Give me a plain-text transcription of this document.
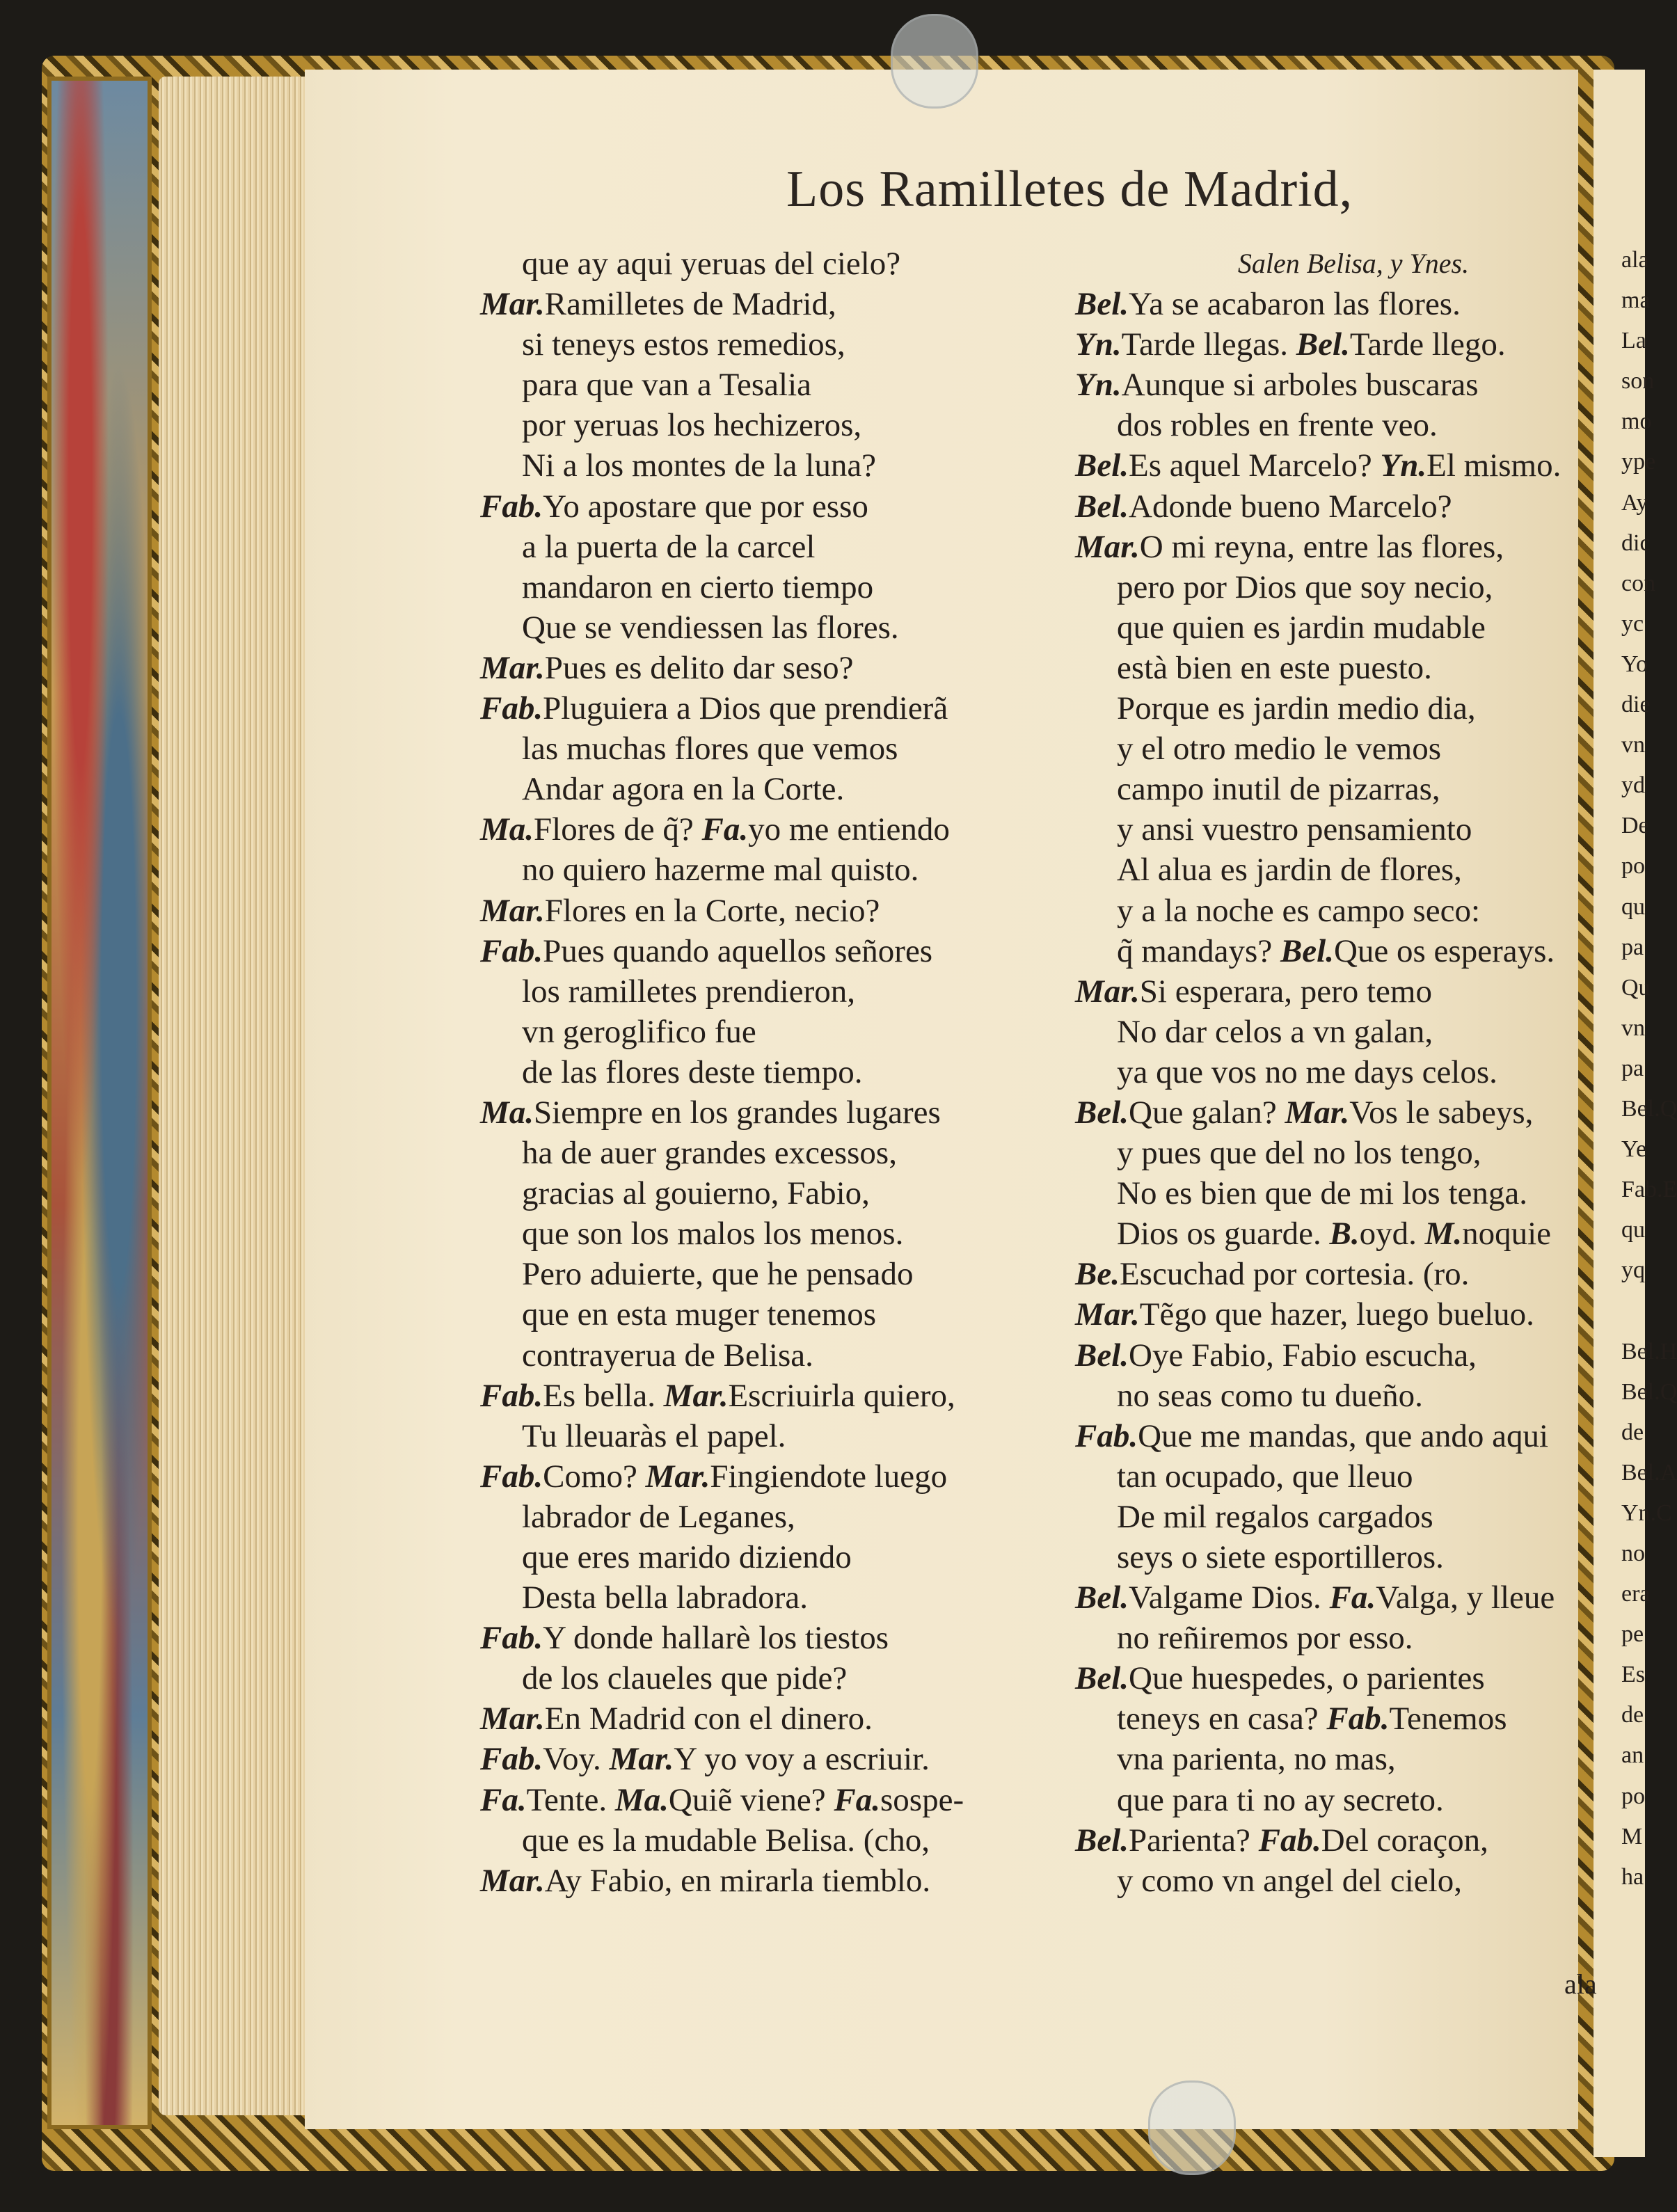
Los Ramilletes de Madrid,
que ay aqui yeruas del cielo?
Mar.Ramilletes de Madrid,
si teneys estos remedios,
para que van a Tesalia
por yeruas los hechizeros,
Ni a los montes de la luna?
Fab.Yo apostare que por esso
a la puerta de la carcel
mandaron en cierto tiempo
Que se vendiessen las flores.
Mar.Pues es delito dar seso?
Fab.Pluguiera a Dios que prendierã
las muchas flores que vemos
Andar agora en la Corte.
Ma.Flores de q̃? Fa.yo me entiendo
no quiero hazerme mal quisto.
Mar.Flores en la Corte, necio?
Fab.Pues quando aquellos señores
los ramilletes prendieron,
vn geroglifico fue
de las flores deste tiempo.
Ma.Siempre en los grandes lugares
ha de auer grandes excessos,
gracias al gouierno, Fabio,
que son los malos los menos.
Pero aduierte, que he pensado
que en esta muger tenemos
contrayerua de Belisa.
Fab.Es bella. Mar.Escriuirla quiero,
Tu lleuaràs el papel.
Fab.Como? Mar.Fingiendote luego
labrador de Leganes,
que eres marido diziendo
Desta bella labradora.
Fab.Y donde hallarè los tiestos
de los claueles que pide?
Mar.En Madrid con el dinero.
Fab.Voy. Mar.Y yo voy a escriuir.
Fa.Tente. Ma.Quiẽ viene? Fa.sospe-
que es la mudable Belisa. (cho,
Mar.Ay Fabio, en mirarla tiemblo.
Salen Belisa, y Ynes.
Bel.Ya se acabaron las flores.
Yn.Tarde llegas. Bel.Tarde llego.
Yn.Aunque si arboles buscaras
dos robles en frente veo.
Bel.Es aquel Marcelo? Yn.El mismo.
Bel.Adonde bueno Marcelo?
Mar.O mi reyna, entre las flores,
pero por Dios que soy necio,
que quien es jardin mudable
està bien en este puesto.
Porque es jardin medio dia,
y el otro medio le vemos
campo inutil de pizarras,
y ansi vuestro pensamiento
Al alua es jardin de flores,
y a la noche es campo seco:
q̃ mandays? Bel.Que os esperays.
Mar.Si esperara, pero temo
No dar celos a vn galan,
ya que vos no me days celos.
Bel.Que galan? Mar.Vos le sabeys,
y pues que del no los tengo,
No es bien que de mi los tenga.
Dios os guarde. B.oyd. M.noquie
Be.Escuchad por cortesia. (ro.
Mar.Tẽgo que hazer, luego bueluo.
Bel.Oye Fabio, Fabio escucha,
no seas como tu dueño.
Fab.Que me mandas, que ando aqui
tan ocupado, que lleuo
De mil regalos cargados
seys o siete esportilleros.
Bel.Valgame Dios. Fa.Valga, y lleue
no reñiremos por esso.
Bel.Que huespedes, o parientes
teneys en casa? Fab.Tenemos
vna parienta, no mas,
que para ti no ay secreto.
Bel.Parienta? Fab.Del coraçon,
y como vn angel del cielo,
ala
ala
ma
La
son
mo
ype
Ay
dic
con
yc
Yo
die
vn
yd
De
po
qu
pa
Qu
vn
pa
Bel.Q
Ye
Fab.E
qu
yq
Bel.H
Bel.Q
de
Bel.A
Yn.C
no
era
pe
Es
de
an
po
M
ha
